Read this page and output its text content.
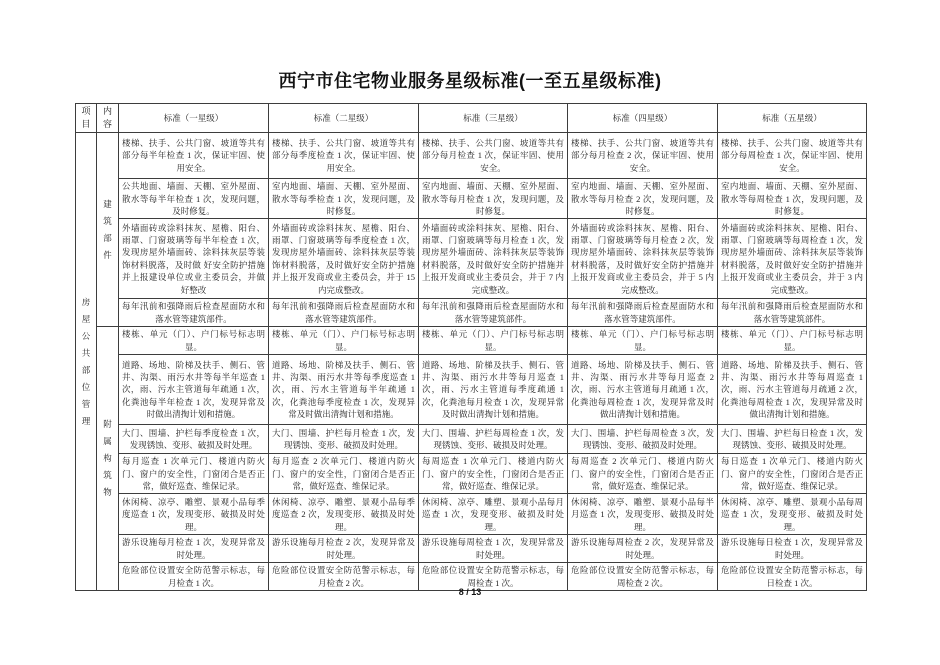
西宁市住宅物业服务星级标准(一至五星级标准)
项目	内容	标准（一星级）	标准（二星级）	标准（三星级）	标准（四星级）	标准（五星级）

房屋公共部位管理	建筑部件	楼梯、扶手、公共门窗、坡道等共有部分每半年检查 1 次，保证牢固、使用安全。	楼梯、扶手、公共门窗、坡道等共有部分每季度检查 1 次，保证牢固、使用安全。	楼梯、扶手、公共门窗、坡道等共有部分每月检查 1 次，保证牢固、使用安全。	楼梯、扶手、公共门窗、坡道等共有部分每月检查 2 次，保证牢固、使用安全。	楼梯、扶手、公共门窗、坡道等共有部分每周检查 1 次，保证牢固、使用安全。
		公共地面、墙面、天棚、室外屋面、散水等每半年检查 1 次，发现问题，及时修复。	室内地面、墙面、天棚、室外屋面、散水等每季检查 1 次，发现问题，及时修复。	室内地面、墙面、天棚、室外屋面、散水等每月检查 1 次，发现问题，及时修复。	室内地面、墙面、天棚、室外屋面、散水等每月检查 2 次，发现问题，及时修复。	室内地面、墙面、天棚、室外屋面、散水等每周检查 1 次，发现问题，及时修复。
		外墙面砖或涂料抹灰、屋檐、阳台、雨罩、门窗玻璃等每半年检查 1 次，发现房屋外墙面砖、涂料抹灰层等装饰材料脱落，及时做 好安全防护措施并上报建设单位或业主委员会，并做好整改	外墙面砖或涂料抹灰、屋檐、阳台、雨罩、门窗玻璃等每季度检查 1 次，发现房屋外墙面砖、涂料抹灰层等装饰材料脱落，及时做好安全防护措施并上报开发商或业主委员会，并于 15 内完成整改。	外墙面砖或涂料抹灰、屋檐、阳台、雨罩、门窗玻璃等每月检查 1 次，发现房屋外墙面砖、涂料抹灰层等装饰材料脱落，及时做好安全防护措施并上报开发商或业主委员会，并于 7 内完成整改。	外墙面砖或涂料抹灰、屋檐、阳台、雨罩、门窗玻璃等每月检查 2 次，发现房屋外墙面砖、涂料抹灰层等装饰材料脱落，及时做好安全防护措施并上报开发商或业主委员会，并于 5 内完成整改。	外墙面砖或涂料抹灰、屋檐、阳台、雨罩、门窗玻璃等每周检查 1 次，发现房屋外墙面砖、涂料抹灰层等装饰材料脱落，及时做好安全防护措施并上报开发商或业主委员会，并于 3 内完成整改。
		每年汛前和强降雨后检查屋面防水和落水管等建筑部件。	每年汛前和强降雨后检查屋面防水和落水管等建筑部件。	每年汛前和强降雨后检查屋面防水和落水管等建筑部件。	每年汛前和强降雨后检查屋面防水和落水管等建筑部件。	每年汛前和强降雨后检查屋面防水和落水管等建筑部件。

	附属构筑物	楼栋、单元（门）、户门标号标志明显。	楼栋、单元（门）、户门标号标志明显。	楼栋、单元（门）、户门标号标志明显。	楼栋、单元（门）、户门标号标志明显。	楼栋、单元（门）、户门标号标志明显。
		道路、场地、阶梯及扶手、侧石、管井、沟渠、雨污水井等每半年巡查 1 次，雨、污水主管道每年疏通 1 次，化粪池每半年检查 1 次，发现异常及时做出清掏计划和措施。	道路、场地、阶梯及扶手、侧石、管井、沟渠、雨污水井等每季度巡查 1 次，雨、污水主管道每半年疏通 1 次，化粪池每季度检查 1 次，发现异常及时做出清掏计划和措施。	道路、场地、阶梯及扶手、侧石、管井、沟渠、雨污水井等每月巡查 1 次，雨、污水主管道每季度疏通 1 次，化粪池每月检查 1 次，发现异常及时做出清掏计划和措施。	道路、场地、阶梯及扶手、侧石、管井、沟渠、雨污水井等每月巡查 2 次，雨、污水主管道每月疏通 1 次，化粪池每周检查 1 次，发现异常及时做出清掏计划和措施。	道路、场地、阶梯及扶手、侧石、管井、沟渠、雨污水井等每周巡查 1 次，雨、污水主管道每月疏通 2 次，化粪池每周检查 1 次，发现异常及时做出清掏计划和措施。
		大门、围墙、护栏每季度检查 1 次，发现锈蚀、变形、破损及时处理。	大门、围墙、护栏每月检查 1 次，发现锈蚀、变形、破损及时处理。	大门、围墙、护栏每周检查 1 次，发现锈蚀、变形、破损及时处理。	大门、围墙、护栏每周检查 3 次，发现锈蚀、变形、破损及时处理。	大门、围墙、护栏每日检查 1 次，发现锈蚀、变形、破损及时处理。
		每月巡查 1 次单元门、楼道内防火门、窗户的安全性，门窗闭合是否正常，做好巡查、维保记录。	每月巡查 2 次单元门、楼道内防火门、窗户的安全性，门窗闭合是否正常，做好巡查、维保记录。	每周巡查 1 次单元门、楼道内防火门、窗户的安全性，门窗闭合是否正常，做好巡查、维保记录。	每周巡查 2 次单元门、楼道内防火门、窗户的安全性，门窗闭合是否正常，做好巡查、维保记录。	每日巡查 1 次单元门、楼道内防火门、窗户的安全性，门窗闭合是否正常，做好巡查、维保记录。
		休闲椅、凉亭、雕塑、景观小品每季度巡查 1 次，发现变形、破损及时处理。	休闲椅、凉亭、雕塑、景观小品每季度巡查 2 次，发现变形、破损及时处理。	休闲椅、凉亭、雕塑、景观小品每月巡查 1 次，发现变形、破损及时处理。	休闲椅、凉亭、雕塑、景观小品每半月巡查 1 次，发现变形、破损及时处理。	休闲椅、凉亭、雕塑、景观小品每周巡查 1 次，发现变形、破损及时处理。
		游乐设施每月检查 1 次，发现异常及时处理。	游乐设施每月检查 2 次，发现异常及时处理。	游乐设施每周检查 1 次，发现异常及时处理。	游乐设施每周检查 2 次，发现异常及时处理。	游乐设施每日检查 1 次，发现异常及时处理。
		危险部位设置安全防范警示标志，每月检查 1 次。	危险部位设置安全防范警示标志，每月检查 2 次。	危险部位设置安全防范警示标志，每周检查 1 次。	危险部位设置安全防范警示标志，每周检查 2 次。	危险部位设置安全防范警示标志，每日检查 1 次。
8 / 13
